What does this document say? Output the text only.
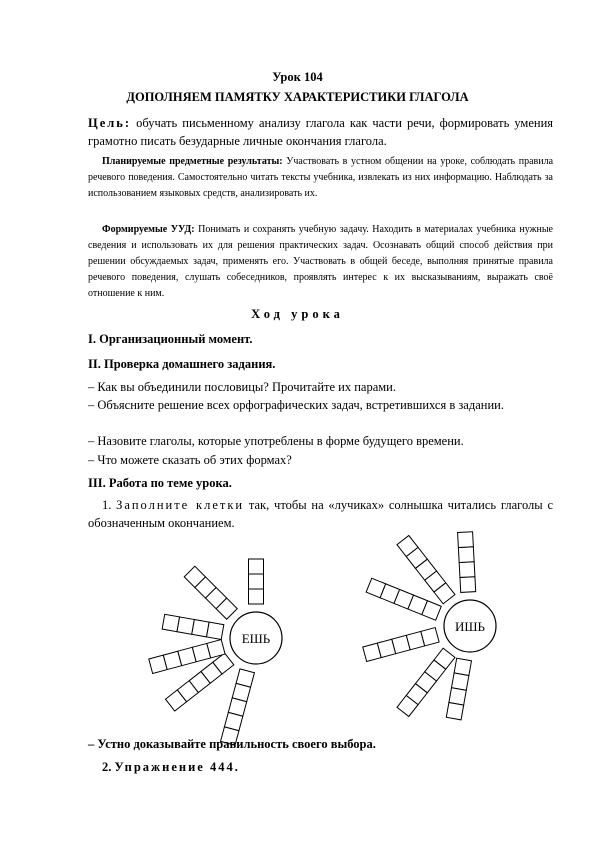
Урок 104
ДОПОЛНЯЕМ ПАМЯТКУ ХАРАКТЕРИСТИКИ ГЛАГОЛА
Цель: обучать письменному анализу глагола как части речи, формировать умения грамотно писать безударные личные окончания глагола.
Планируемые предметные результаты: Участвовать в устном общении на уроке, соблюдать правила речевого поведения. Самостоятельно читать тексты учебника, извлекать из них информацию. Наблюдать за использованием языковых средств, анализировать их.
Формируемые УУД: Понимать и сохранять учебную задачу. Находить в материалах учебника нужные сведения и использовать их для решения практических задач. Осознавать общий способ действия при решении обсуждаемых задач, применять его. Участвовать в общей беседе, выполняя принятые правила речевого поведения, слушать собеседников, проявлять интерес к их высказываниям, выражать своё отношение к ним.
Ход урока
I. Организационный момент.
II. Проверка домашнего задания.
– Как вы объединили пословицы? Прочитайте их парами.
– Объясните решение всех орфографических задач, встретившихся в задании.
– Назовите глаголы, которые употреблены в форме будущего времени.
– Что можете сказать об этих формах?
III. Работа по теме урока.
1. Заполните клетки так, чтобы на «лучиках» солнышка читались глаголы с обозначенным окончанием.
ЕШЬ
ИШЬ
– Устно доказывайте правильность своего выбора.
2. Упражнение 444.
